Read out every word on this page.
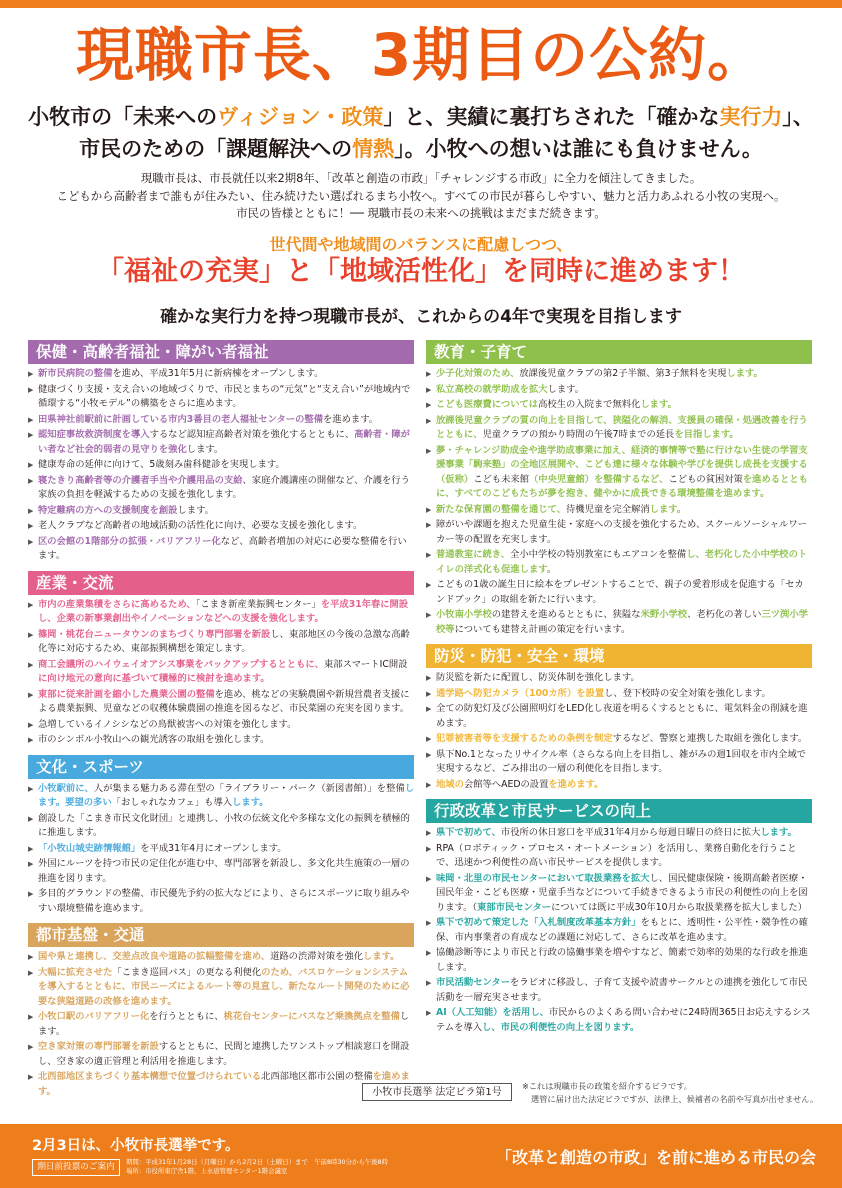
現職市長、3期目の公約。
小牧市の「未来へのヴィジョン・政策」と、実績に裏打ちされた「確かな実行力」、
市民のための「課題解決への情熱」。小牧への想いは誰にも負けません。
現職市長は、市長就任以来2期8年、「改革と創造の市政」「チャレンジする市政」に全力を傾注してきました。
こどもから高齢者まで誰もが住みたい、住み続けたい選ばれるまち小牧へ。すべての市民が暮らしやすい、魅力と活力あふれる小牧の実現へ。
市民の皆様とともに！── 現職市長の未来への挑戦はまだまだ続きます。
世代間や地域間のバランスに配慮しつつ、
「福祉の充実」と「地域活性化」を同時に進めます！
確かな実行力を持つ現職市長が、これからの4年で実現を目指します
保健・高齢者福祉・障がい者福祉
▶ 新市民病院の整備を進め、平成31年5月に新病棟をオープンします。
▶ 健康づくり支援・支え合いの地域づくりで、市民とまちの“元気”と“支え合い”が地域内で循環する“小牧モデル”の構築をさらに進めます。
▶ 田県神社前駅前に計画している市内3番目の老人福祉センターの整備を進めます。
▶ 認知症事故救済制度を導入するなど認知症高齢者対策を強化するとともに、高齢者・障がい者など社会的弱者の見守りを強化します。
▶ 健康寿命の延伸に向けて、5歳刻み歯科健診を実現します。
▶ 寝たきり高齢者等の介護者手当や介護用品の支給、家庭介護講座の開催など、介護を行う家族の負担を軽減するための支援を強化します。
▶ 特定難病の方への支援制度を創設します。
▶ 老人クラブなど高齢者の地域活動の活性化に向け、必要な支援を強化します。
▶ 区の会館の1階部分の拡張・バリアフリー化など、高齢者増加の対応に必要な整備を行います。
産業・交流
▶ 市内の産業集積をさらに高めるため、「こまき新産業振興センター」を平成31年春に開設し、企業の新事業創出やイノベーションなどへの支援を強化します。
▶ 篠岡・桃花台ニュータウンのまちづくり専門部署を新設し、東部地区の今後の急激な高齢化等に対応するため、東部振興構想を策定します。
▶ 商工会議所のハイウェイオアシス事業をバックアップするとともに、東部スマートIC開設に向け地元の意向に基づいて積極的に検討を進めます。
▶ 東部に従来計画を縮小した農業公園の整備を進め、桃などの実験農園や新規営農者支援による農業振興、児童などの収穫体験農園の推進を図るなど、市民菜園の充実を図ります。
▶ 急増しているイノシシなどの鳥獣被害への対策を強化します。
▶ 市のシンボル小牧山への観光誘客の取組を強化します。
文化・スポーツ
▶ 小牧駅前に、人が集まる魅力ある滞在型の「ライブラリー・パーク（新図書館）」を整備します。要望の多い「おしゃれなカフェ」も導入します。
▶ 創設した「こまき市民文化財団」と連携し、小牧の伝統文化や多様な文化の振興を積極的に推進します。
▶ 「小牧山城史跡情報館」を平成31年4月にオープンします。
▶ 外国にルーツを持つ市民の定住化が進む中、専門部署を新設し、多文化共生施策の一層の推進を図ります。
▶ 多目的グラウンドの整備、市民優先予約の拡大などにより、さらにスポーツに取り組みやすい環境整備を進めます。
都市基盤・交通
▶ 国や県と連携し、交差点改良や道路の拡幅整備を進め、道路の渋滞対策を強化します。
▶ 大幅に拡充させた「こまき巡回バス」の更なる利便化のため、バスロケーションシステムを導入するとともに、市民ニーズによるルート等の見直し、新たなルート開発のために必要な狭隘道路の改修を進めます。
▶ 小牧口駅のバリアフリー化を行うとともに、桃花台センターにバスなど乗換拠点を整備します。
▶ 空き家対策の専門部署を新設するとともに、民間と連携したワンストップ相談窓口を開設し、空き家の適正管理と利活用を推進します。
▶ 北西部地区まちづくり基本構想で位置づけられている北西部地区都市公園の整備を進めます。
教育・子育て
▶ 少子化対策のため、放課後児童クラブの第2子半額、第3子無料を実現します。
▶ 私立高校の就学助成を拡大します。
▶ こども医療費については高校生の入院まで無料化します。
▶ 放課後児童クラブの質の向上を目指して、狭隘化の解消、支援員の確保・処遇改善を行うとともに、児童クラブの預かり時間の午後7時までの延長を目指します。
▶ 夢・チャレンジ助成金や進学助成事業に加え、経済的事情等で塾に行けない生徒の学習支援事業「駒来塾」の全地区展開や、こども達に様々な体験や学びを提供し成長を支援する（仮称）こども未来館（中央児童館）を整備するなど、こどもの貧困対策を進めるとともに、すべてのこどもたちが夢を抱き、健やかに成長できる環境整備を進めます。
▶ 新たな保育園の整備を通じて、待機児童を完全解消します。
▶ 障がいや課題を抱えた児童生徒・家庭への支援を強化するため、スクールソーシャルワーカー等の配置を充実します。
▶ 普通教室に続き、全小中学校の特別教室にもエアコンを整備し、老朽化した小中学校のトイレの洋式化も促進します。
▶ こどもの1歳の誕生日に絵本をプレゼントすることで、親子の愛着形成を促進する「セカンドブック」の取組を新たに行います。
▶ 小牧南小学校の建替えを進めるとともに、狭隘な米野小学校、老朽化の著しい三ツ渕小学校等についても建替え計画の策定を行います。
防災・防犯・安全・環境
▶ 防災監を新たに配置し、防災体制を強化します。
▶ 通学路へ防犯カメラ（100カ所）を設置し、登下校時の安全対策を強化します。
▶ 全ての防犯灯及び公園照明灯をLED化し夜道を明るくするとともに、電気料金の削減を進めます。
▶ 犯罪被害者等を支援するための条例を制定するなど、警察と連携した取組を強化します。
▶ 県下No.1となったリサイクル率（さらなる向上を目指し、雑がみの週1回収を市内全域で実現するなど、ごみ排出の一層の利便化を目指します。
▶ 地域の会館等へAEDの設置を進めます。
行政改革と市民サービスの向上
▶ 県下で初めて、市役所の休日窓口を平成31年4月から毎週日曜日の終日に拡大します。
▶ RPA（ロボティック・プロセス・オートメーション）を活用し、業務自動化を行うことで、迅速かつ利便性の高い市民サービスを提供します。
▶ 味岡・北里の市民センターにおいて取扱業務を拡大し、国民健康保険・後期高齢者医療・国民年金・こども医療・児童手当などについて手続きできるよう市民の利便性の向上を図ります。（東部市民センターについては既に平成30年10月から取扱業務を拡大しました）
▶ 県下で初めて策定した「入札制度改革基本方針」をもとに、透明性・公平性・競争性の確保、市内事業者の育成などの課題に対応して、さらに改革を進めます。
▶ 協働診断等により市民と行政の協働事業を増やすなど、簡素で効率的効果的な行政を推進します。
▶ 市民活動センターをラピオに移設し、子育て支援や読書サークルとの連携を強化して市民活動を一層充実させます。
▶ AI（人工知能）を活用し、市民からのよくある問い合わせに24時間365日お応えするシステムを導入し、市民の利便性の向上を図ります。
小牧市長選挙 法定ビラ第1号
※これは現職市長の政策を紹介するビラです。
選管に届け出た法定ビラですが、法律上、候補者の名前や写真が出せません。
2月3日は、小牧市長選挙です。
期日前投票のご案内	期間：平成31年1月28日（月曜日）から2月2日（土曜日）まで　午前8時30分から午後8時
場所：市役所東庁舎1階、上水道管理センター1階会議室
「改革と創造の市政」を前に進める市民の会
